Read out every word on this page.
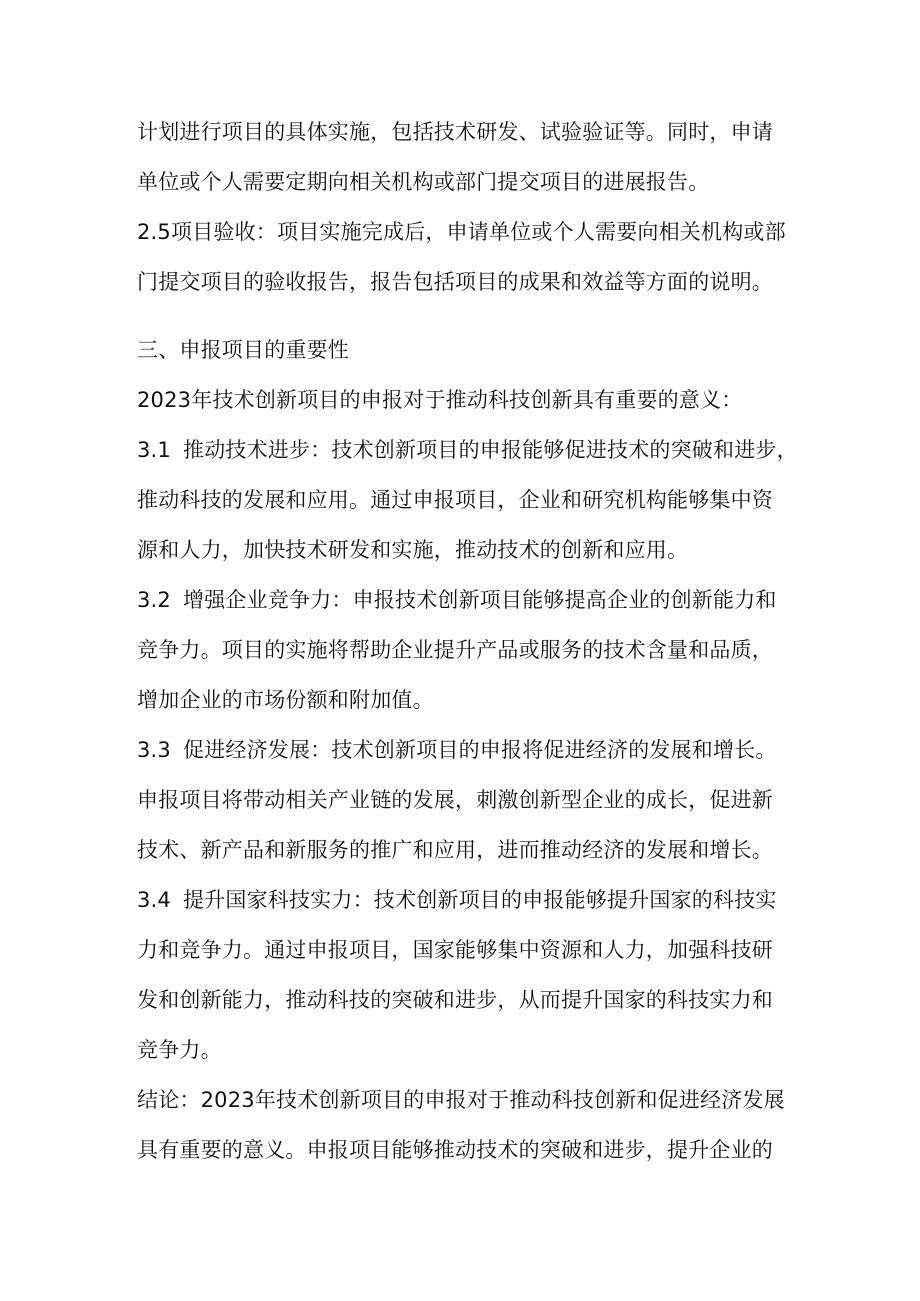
计划进行项目的具体实施，包括技术研发、试验验证等。同时，申请
单位或个人需要定期向相关机构或部门提交项目的进展报告。
2.5项目验收：项目实施完成后，申请单位或个人需要向相关机构或部
门提交项目的验收报告，报告包括项目的成果和效益等方面的说明。
三、申报项目的重要性
2023年技术创新项目的申报对于推动科技创新具有重要的意义：
3.1 推动技术进步：技术创新项目的申报能够促进技术的突破和进步，
推动科技的发展和应用。通过申报项目，企业和研究机构能够集中资
源和人力，加快技术研发和实施，推动技术的创新和应用。
3.2 增强企业竞争力：申报技术创新项目能够提高企业的创新能力和
竞争力。项目的实施将帮助企业提升产品或服务的技术含量和品质，
增加企业的市场份额和附加值。
3.3 促进经济发展：技术创新项目的申报将促进经济的发展和增长。
申报项目将带动相关产业链的发展，刺激创新型企业的成长，促进新
技术、新产品和新服务的推广和应用，进而推动经济的发展和增长。
3.4 提升国家科技实力：技术创新项目的申报能够提升国家的科技实
力和竞争力。通过申报项目，国家能够集中资源和人力，加强科技研
发和创新能力，推动科技的突破和进步，从而提升国家的科技实力和
竞争力。
结论：2023年技术创新项目的申报对于推动科技创新和促进经济发展
具有重要的意义。申报项目能够推动技术的突破和进步，提升企业的
